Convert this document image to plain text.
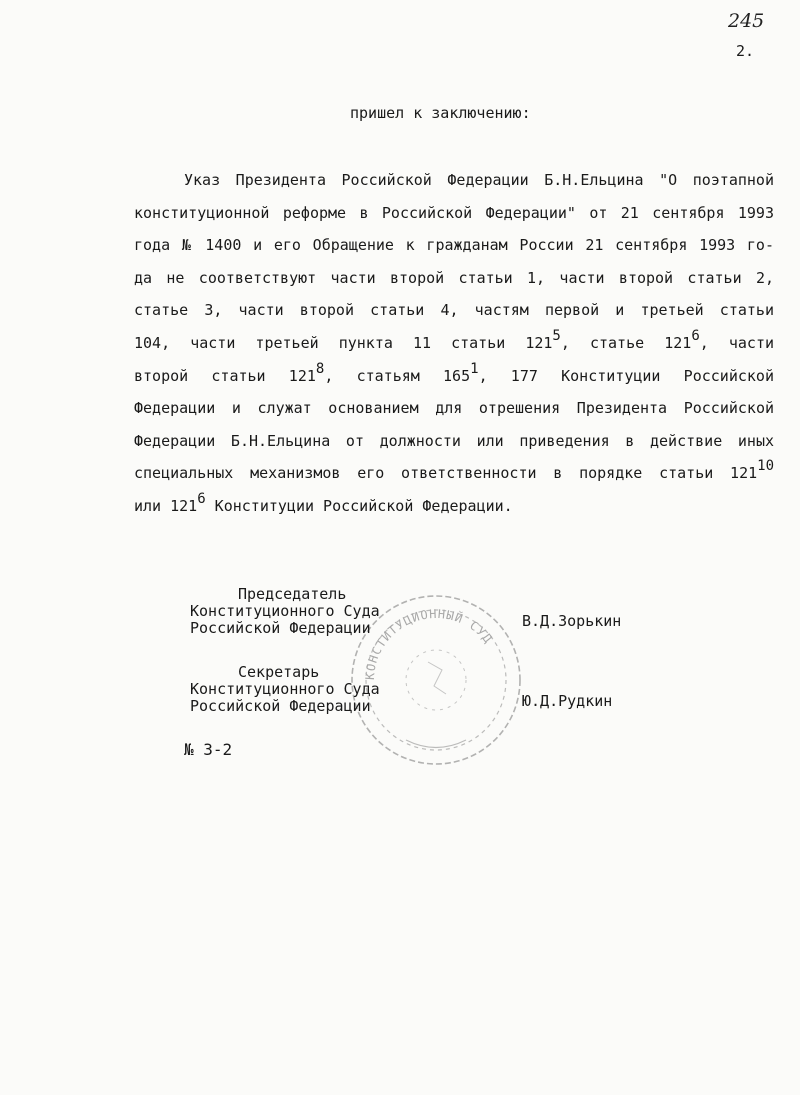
245
2.
пришел к заключению:
Указ Президента Российской Федерации Б.Н.Ельцина "О поэтапной
конституционной реформе в Российской Федерации" от 21 сентября 1993
года № 1400 и его Обращение к гражданам России 21 сентября 1993 го-
да не соответствуют части второй статьи 1, части второй статьи 2,
статье 3, части второй статьи 4, частям первой и третьей статьи
104, части третьей пункта 11 статьи $121^5$, статье $121^6$, части
второй статьи $121^8$, статьям $165^1$, 177 Конституции Российской
Федерации и служат основанием для отрешения Президента Российской
Федерации Б.Н.Ельцина от должности или приведения в действие иных
специальных механизмов его ответственности в порядке статьи $121^{10}$
или $121^6$ Конституции Российской Федерации.
КОНСТИТУЦИОННЫЙ СУД
Председатель
Конституционного Суда
Российской Федерации	В.Д.Зорькин
Секретарь
Конституционного Суда
Российской Федерации	Ю.Д.Рудкин
№ 3-2
